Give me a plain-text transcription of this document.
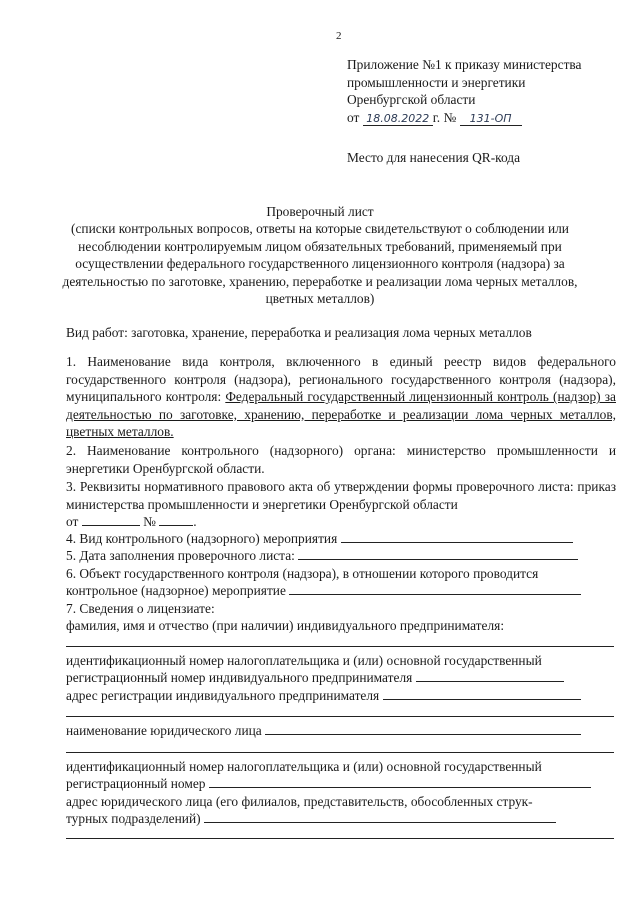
2
Приложение №1 к приказу министерства
промышленности и энергетики
Оренбургской области
от 18.08.2022 г. № 131-ОП
Место для нанесения QR-кода
Проверочный лист
(списки контрольных вопросов, ответы на которые свидетельствуют о соблюдении или несоблюдении контролируемым лицом обязательных требований, применяемый при осуществлении федерального государственного лицензионного контроля (надзора) за деятельностью по заготовке, хранению, переработке и реализации лома черных металлов, цветных металлов)
Вид работ: заготовка, хранение, переработка и реализация лома черных металлов
1. Наименование вида контроля, включенного в единый реестр видов федерального государственного контроля (надзора), регионального государственного контроля (надзора), муниципального контроля: Федеральный государственный лицензионный контроль (надзор) за деятельностью по заготовке, хранению, переработке и реализации лома черных металлов, цветных металлов.
2. Наименование контрольного (надзорного) органа: министерство промышленности и энергетики Оренбургской области.
3. Реквизиты нормативного правового акта об утверждении формы проверочного листа: приказ министерства промышленности и энергетики Оренбургской области
от	№	.
4. Вид контрольного (надзорного) мероприятия
5. Дата заполнения проверочного листа:
6. Объект государственного контроля (надзора), в отношении которого проводится
контрольное (надзорное) мероприятие
7. Сведения о лицензиате:
фамилия, имя и отчество (при наличии) индивидуального предпринимателя:
идентификационный номер налогоплательщика и (или) основной государственный
регистрационный номер индивидуального предпринимателя
адрес регистрации индивидуального предпринимателя
наименование юридического лица
идентификационный номер налогоплательщика и (или) основной государственный
регистрационный номер
адрес юридического лица (его филиалов, представительств, обособленных струк-
турных подразделений)
